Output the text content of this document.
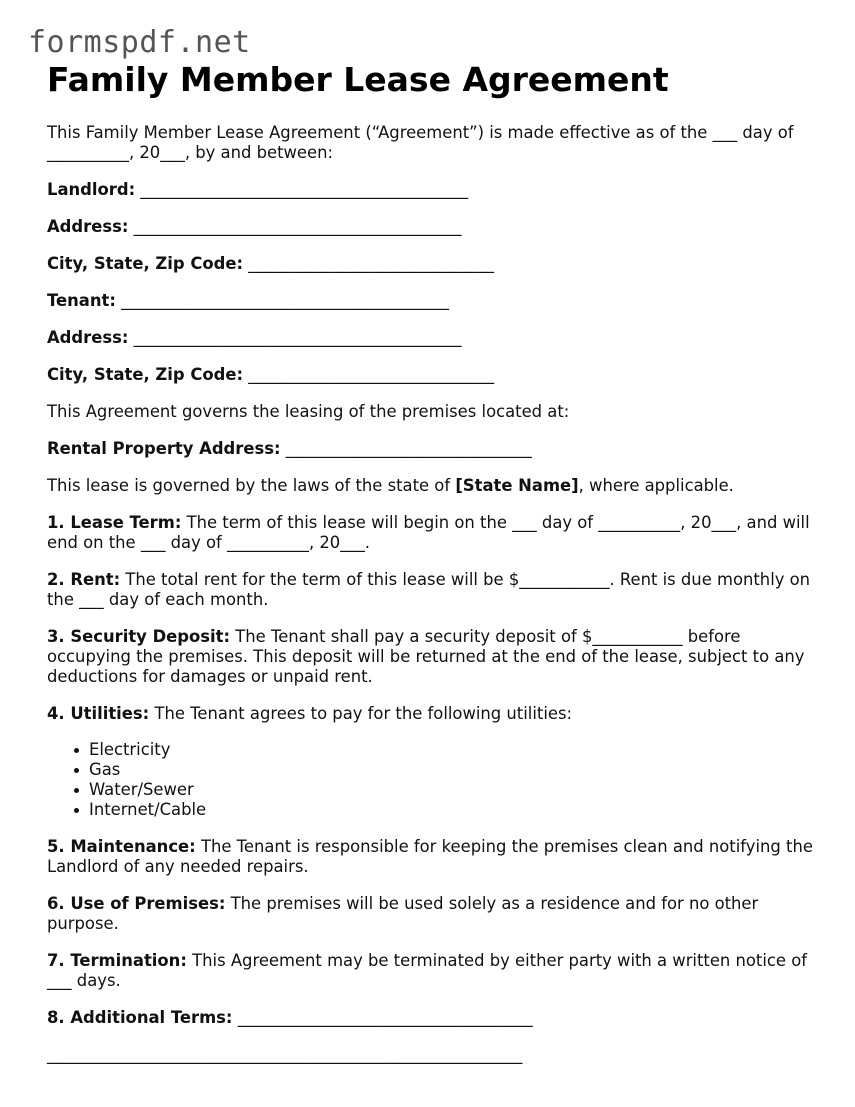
formspdf.net
Family Member Lease Agreement

This Family Member Lease Agreement (“Agreement”) is made effective as of the ___ day of __________, 20___, by and between:

Landlord: ________________________________________

Address: ________________________________________

City, State, Zip Code: ______________________________

Tenant: ________________________________________

Address: ________________________________________

City, State, Zip Code: ______________________________

This Agreement governs the leasing of the premises located at:

Rental Property Address: ______________________________

This lease is governed by the laws of the state of [State Name], where applicable.

1. Lease Term: The term of this lease will begin on the ___ day of __________, 20___, and will end on the ___ day of __________, 20___.

2. Rent: The total rent for the term of this lease will be $___________. Rent is due monthly on the ___ day of each month.

3. Security Deposit: The Tenant shall pay a security deposit of $___________ before occupying the premises. This deposit will be returned at the end of the lease, subject to any deductions for damages or unpaid rent.

4. Utilities: The Tenant agrees to pay for the following utilities:

Electricity
Gas
Water/Sewer
Internet/Cable

5. Maintenance: The Tenant is responsible for keeping the premises clean and notifying the Landlord of any needed repairs.

6. Use of Premises: The premises will be used solely as a residence and for no other purpose.

7. Termination: This Agreement may be terminated by either party with a written notice of ___ days.

8. Additional Terms: ____________________________________

__________________________________________________________
